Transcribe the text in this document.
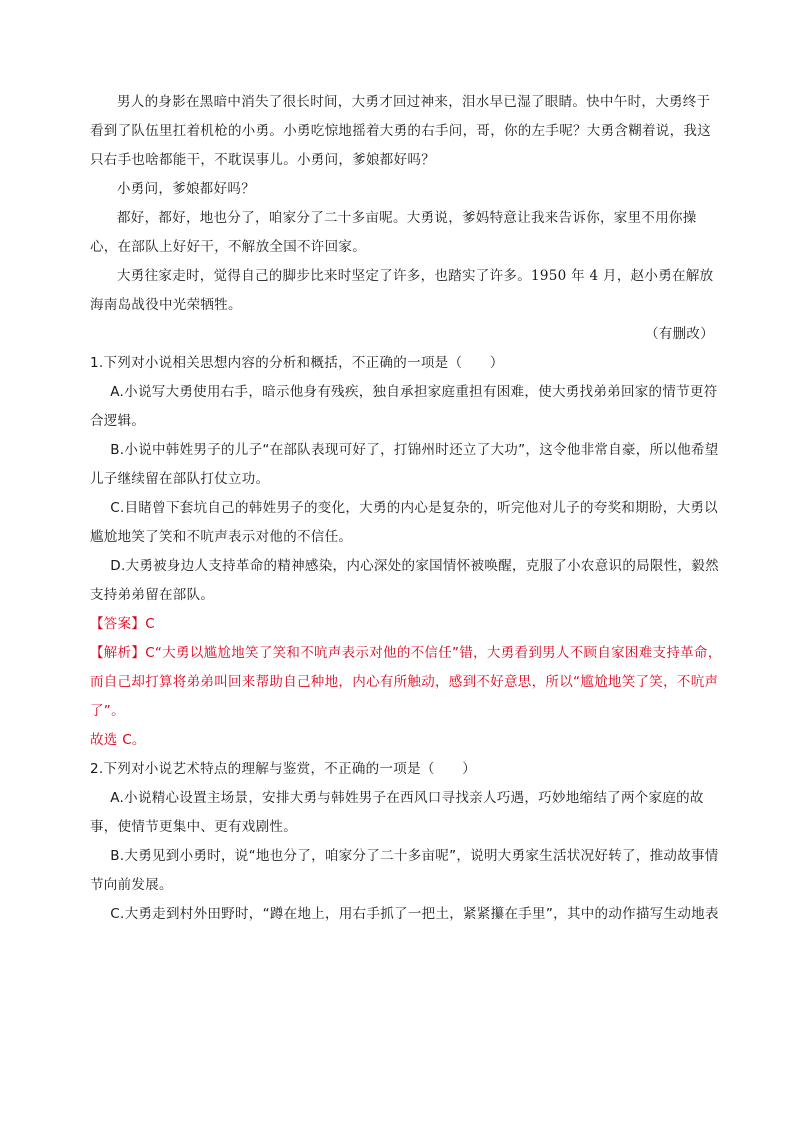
男人的身影在黑暗中消失了很长时间，大勇才回过神来，泪水早已湿了眼睛。快中午时，大勇终于看到了队伍里扛着机枪的小勇。小勇吃惊地摇着大勇的右手问，哥，你的左手呢？大勇含糊着说，我这只右手也啥都能干，不耽误事儿。小勇问，爹娘都好吗？

小勇问，爹娘都好吗？

都好，都好，地也分了，咱家分了二十多亩呢。大勇说，爹妈特意让我来告诉你，家里不用你操心，在部队上好好干，不解放全国不许回家。

大勇往家走时，觉得自己的脚步比来时坚定了许多，也踏实了许多。1950 年 4 月，赵小勇在解放海南岛战役中光荣牺牲。

（有删改）

1.下列对小说相关思想内容的分析和概括，不正确的一项是（　　）

A.小说写大勇使用右手，暗示他身有残疾，独自承担家庭重担有困难，使大勇找弟弟回家的情节更符合逻辑。

B.小说中韩姓男子的儿子“在部队表现可好了，打锦州时还立了大功”，这令他非常自豪，所以他希望儿子继续留在部队打仗立功。

C.目睹曾下套坑自己的韩姓男子的变化，大勇的内心是复杂的，听完他对儿子的夸奖和期盼，大勇以尴尬地笑了笑和不吭声表示对他的不信任。

D.大勇被身边人支持革命的精神感染，内心深处的家国情怀被唤醒，克服了小农意识的局限性，毅然支持弟弟留在部队。

【答案】C

【解析】C“大勇以尴尬地笑了笑和不吭声表示对他的不信任”错，大勇看到男人不顾自家困难支持革命，而自己却打算将弟弟叫回来帮助自己种地，内心有所触动，感到不好意思，所以“尴尬地笑了笑，不吭声了”。

故选 C。

2.下列对小说艺术特点的理解与鉴赏，不正确的一项是（　　）

A.小说精心设置主场景，安排大勇与韩姓男子在西风口寻找亲人巧遇，巧妙地缩结了两个家庭的故事，使情节更集中、更有戏剧性。

B.大勇见到小勇时，说“地也分了，咱家分了二十多亩呢”，说明大勇家生活状况好转了，推动故事情节向前发展。

C.大勇走到村外田野时，“蹲在地上，用右手抓了一把土，紧紧攥在手里”，其中的动作描写生动地表
